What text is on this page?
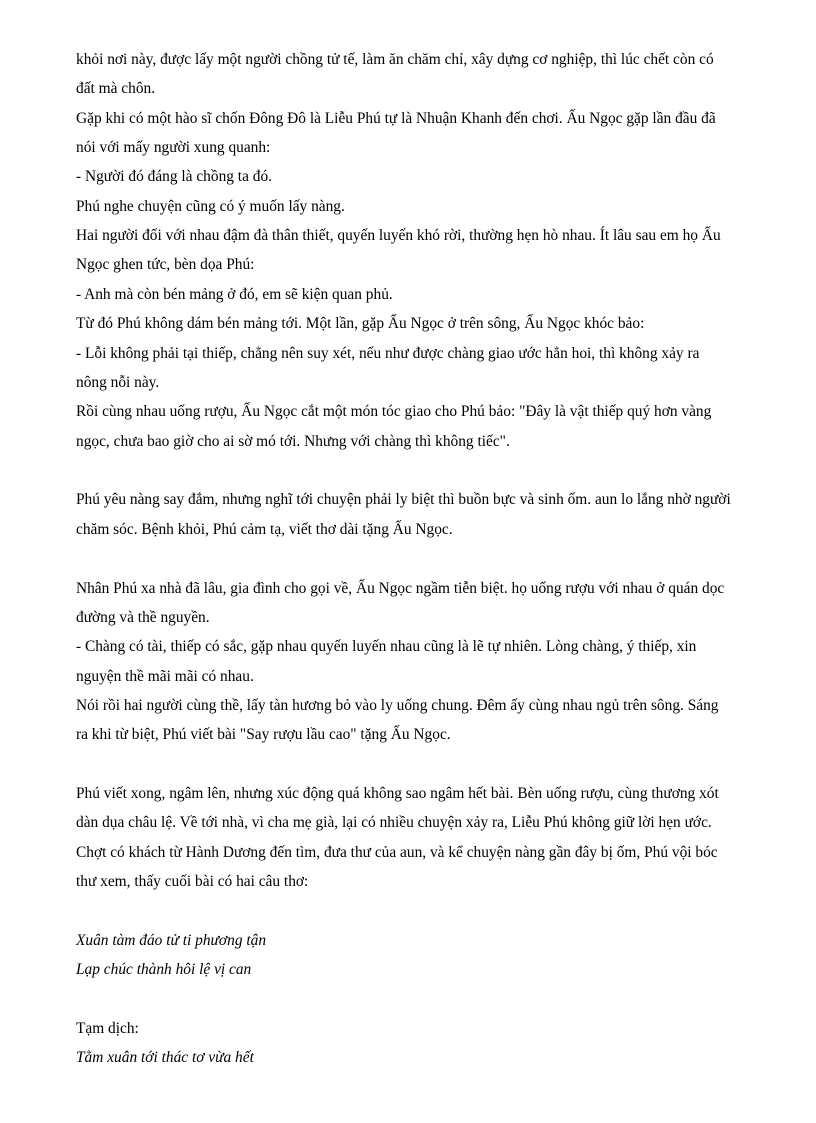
khỏi nơi này, được lấy một người chồng tử tế, làm ăn chăm chỉ, xây dựng cơ nghiệp, thì lúc chết còn có

đất mà chôn.

Gặp khi có một hào sĩ chốn Đông Đô là Liễu Phú tự là Nhuận Khanh đến chơi. Ấu Ngọc gặp lần đầu đã

nói với mấy người xung quanh:

- Người đó đáng là chồng ta đó.

Phú nghe chuyện cũng có ý muốn lấy nàng.

Hai người đối với nhau đậm đà thân thiết, quyến luyến khó rời, thường hẹn hò nhau. Ít lâu sau em họ Ấu

Ngọc ghen tức, bèn dọa Phú:

- Anh mà còn bén mảng ở đó, em sẽ kiện quan phủ.

Từ đó Phú không dám bén mảng tới. Một lần, gặp Ấu Ngọc ở trên sông, Ấu Ngọc khóc bảo:

- Lỗi không phải tại thiếp, chẳng nên suy xét, nếu như được chàng giao ước hẳn hoi, thì không xảy ra

nông nỗi này.

Rồi cùng nhau uống rượu, Ấu Ngọc cắt một món tóc giao cho Phú bảo: "Đây là vật thiếp quý hơn vàng

ngọc, chưa bao giờ cho ai sờ mó tới. Nhưng với chàng thì không tiếc".

Phú yêu nàng say đắm, nhưng nghĩ tới chuyện phải ly biệt thì buồn bực và sinh ốm. aun lo lắng nhờ người

chăm sóc. Bệnh khỏi, Phú cảm tạ, viết thơ dài tặng Ấu Ngọc.

Nhân Phú xa nhà đã lâu, gia đình cho gọi về, Ấu Ngọc ngầm tiễn biệt. họ uống rượu với nhau ở quán dọc

đường và thề nguyền.

- Chàng có tài, thiếp có sắc, gặp nhau quyến luyến nhau cũng là lẽ tự nhiên. Lòng chàng, ý thiếp, xin

nguyện thề mãi mãi có nhau.

Nói rồi hai người cùng thề, lấy tàn hương bỏ vào ly uống chung. Đêm ấy cùng nhau ngủ trên sông. Sáng

ra khi từ biệt, Phú viết bài "Say rượu lầu cao" tặng Ấu Ngọc.

Phú viết xong, ngâm lên, nhưng xúc động quá không sao ngâm hết bài. Bèn uống rượu, cùng thương xót

dàn dụa châu lệ. Về tới nhà, vì cha mẹ già, lại có nhiều chuyện xảy ra, Liễu Phú không giữ lời hẹn ước.

Chợt có khách từ Hành Dương đến tìm, đưa thư của aun, và kể chuyện nàng gần đây bị ốm, Phú vội bóc

thư xem, thấy cuối bài có hai câu thơ:

Xuân tàm đáo tử ti phương tận

Lạp chúc thành hôi lệ vị can

Tạm dịch:

Tằm xuân tới thác tơ vừa hết
